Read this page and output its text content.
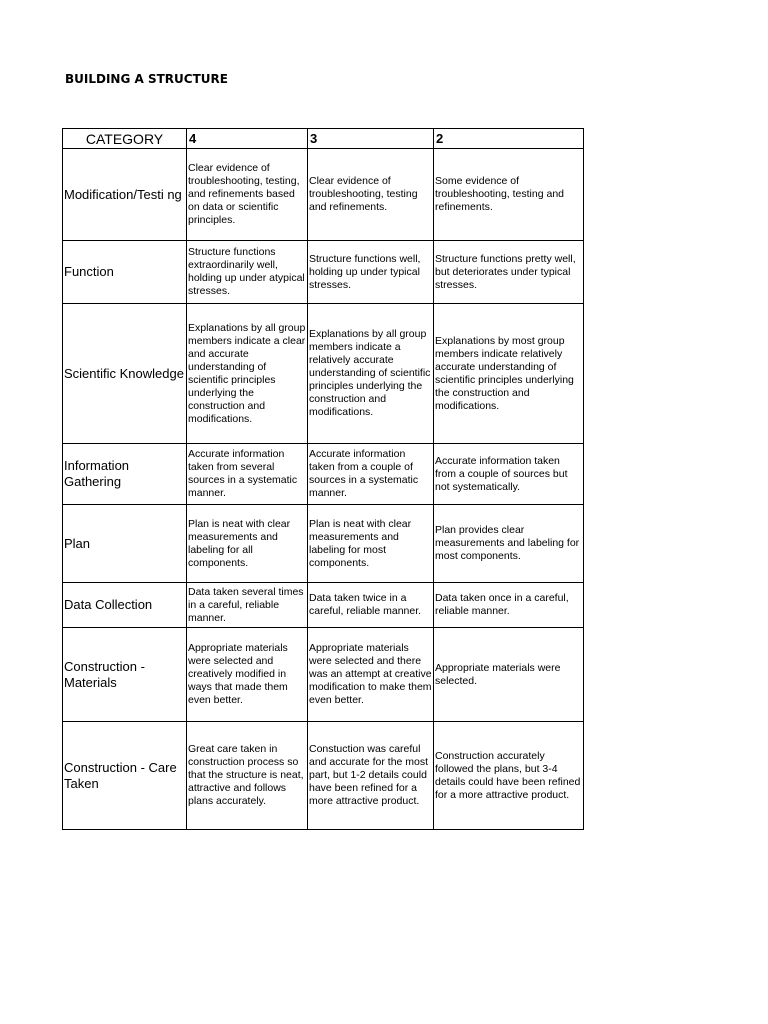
BUILDING A STRUCTURE
CATEGORY	4	3	2
Modification/Testi ng	Clear evidence of troubleshooting, testing, and refinements based on data or scientific principles.	Clear evidence of troubleshooting, testing and refinements.	Some evidence of troubleshooting, testing and refinements.
Function	Structure functions extraordinarily well, holding up under atypical stresses.	Structure functions well, holding up under typical stresses.	Structure functions pretty well, but deteriorates under typical stresses.
Scientific Knowledge	Explanations by all group members indicate a clear and accurate understanding of scientific principles underlying the construction and modifications.	Explanations by all group members indicate a relatively accurate understanding of scientific principles underlying the construction and modifications.	Explanations by most group members indicate relatively accurate understanding of scientific principles underlying the construction and modifications.
Information Gathering	Accurate information taken from several sources in a systematic manner.	Accurate information taken from a couple of sources in a systematic manner.	Accurate information taken from a couple of sources but not systematically.
Plan	Plan is neat with clear measurements and labeling for all components.	Plan is neat with clear measurements and labeling for most components.	Plan provides clear measurements and labeling for most components.
Data Collection	Data taken several times in a careful, reliable manner.	Data taken twice in a careful, reliable manner.	Data taken once in a careful, reliable manner.
Construction -Materials	Appropriate materials were selected and creatively modified in ways that made them even better.	Appropriate materials were selected and there was an attempt at creative modification to make them even better.	Appropriate materials were selected.
Construction - Care Taken	Great care taken in construction process so that the structure is neat, attractive and follows plans accurately.	Constuction was careful and accurate for the most part, but 1-2 details could have been refined for a more attractive product.	Construction accurately followed the plans, but 3-4 details could have been refined for a more attractive product.
